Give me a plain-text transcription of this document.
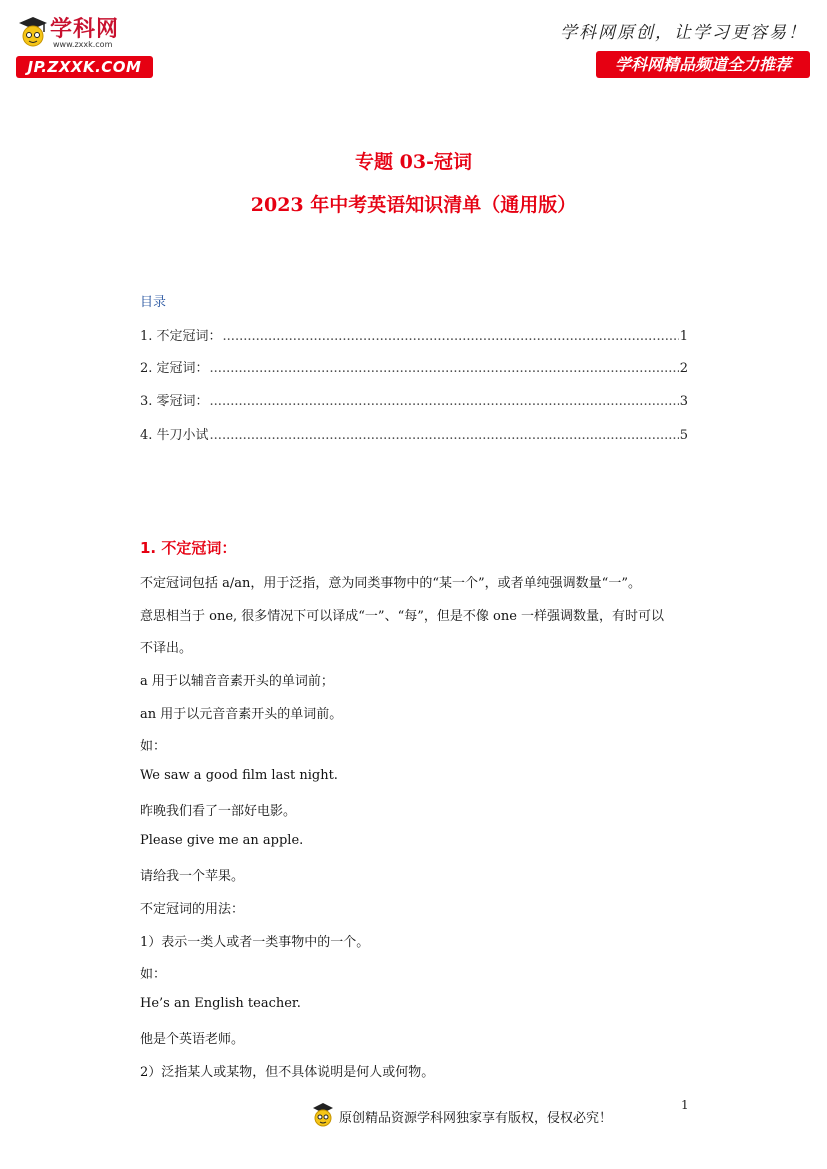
学科网
www.zxxk.com
JP.ZXXK.COM
学科网原创，让学习更容易！
学科网精品频道全力推荐
专题 03-冠词
2023 年中考英语知识清单（通用版）
目录
1. 不定冠词： .....	1
2. 定冠词： .....	2
3. 零冠词： .....	3
4. 牛刀小试 .....	5
1. 不定冠词：
不定冠词包括 a/an，用于泛指，意为同类事物中的“某一个”，或者单纯强调数量“一”。
意思相当于 one, 很多情况下可以译成“一”、“每”，但是不像 one 一样强调数量，有时可以
不译出。
a 用于以辅音音素开头的单词前；
an 用于以元音音素开头的单词前。
如：
We saw a good film last night.
昨晚我们看了一部好电影。
Please give me an apple.
请给我一个苹果。
不定冠词的用法：
1）表示一类人或者一类事物中的一个。
如：
He’s an English teacher.
他是个英语老师。
2）泛指某人或某物，但不具体说明是何人或何物。
1
原创精品资源学科网独家享有版权，侵权必究！
